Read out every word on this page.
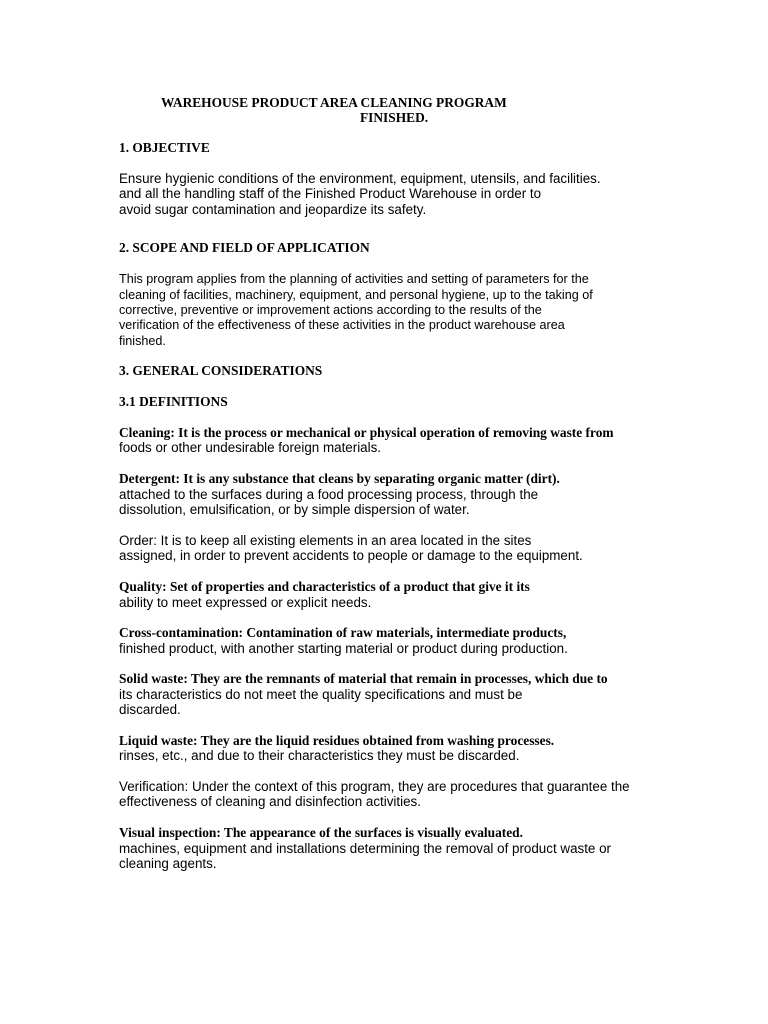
WAREHOUSE PRODUCT AREA CLEANING PROGRAM
FINISHED.
1. OBJECTIVE
Ensure hygienic conditions of the environment, equipment, utensils, and facilities.
and all the handling staff of the Finished Product Warehouse in order to
avoid sugar contamination and jeopardize its safety.
2. SCOPE AND FIELD OF APPLICATION
This program applies from the planning of activities and setting of parameters for the
cleaning of facilities, machinery, equipment, and personal hygiene, up to the taking of
corrective, preventive or improvement actions according to the results of the
verification of the effectiveness of these activities in the product warehouse area
finished.
3. GENERAL CONSIDERATIONS
3.1 DEFINITIONS
Cleaning: It is the process or mechanical or physical operation of removing waste from
foods or other undesirable foreign materials.
Detergent: It is any substance that cleans by separating organic matter (dirt).
attached to the surfaces during a food processing process, through the
dissolution, emulsification, or by simple dispersion of water.
Order: It is to keep all existing elements in an area located in the sites
assigned, in order to prevent accidents to people or damage to the equipment.
Quality: Set of properties and characteristics of a product that give it its
ability to meet expressed or explicit needs.
Cross-contamination: Contamination of raw materials, intermediate products,
finished product, with another starting material or product during production.
Solid waste: They are the remnants of material that remain in processes, which due to
its characteristics do not meet the quality specifications and must be
discarded.
Liquid waste: They are the liquid residues obtained from washing processes.
rinses, etc., and due to their characteristics they must be discarded.
Verification: Under the context of this program, they are procedures that guarantee the
effectiveness of cleaning and disinfection activities.
Visual inspection: The appearance of the surfaces is visually evaluated.
machines, equipment and installations determining the removal of product waste or
cleaning agents.
